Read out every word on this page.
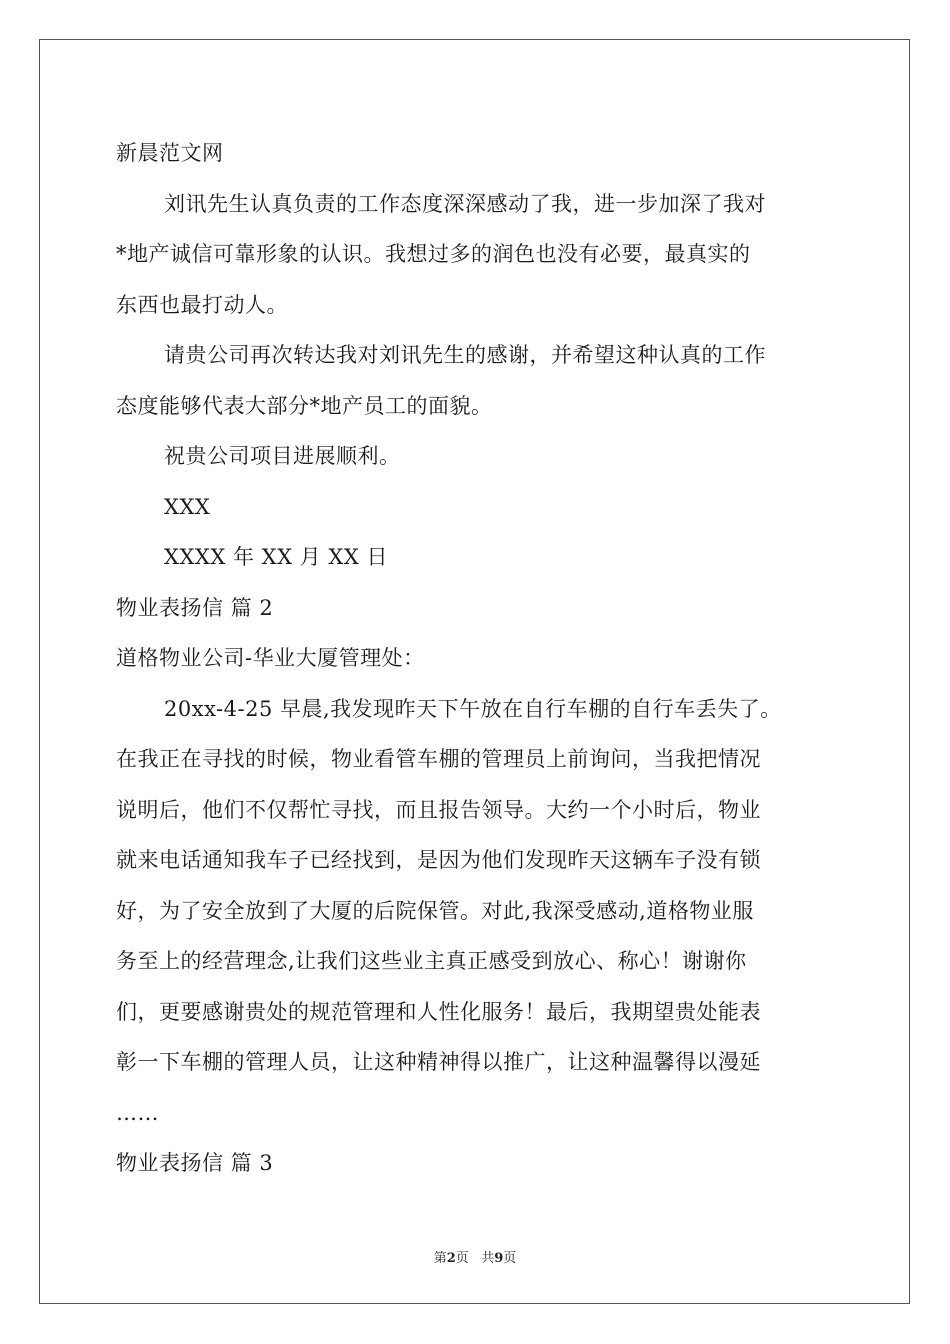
新晨范文网
刘讯先生认真负责的工作态度深深感动了我，进一步加深了我对
*地产诚信可靠形象的认识。我想过多的润色也没有必要，最真实的
东西也最打动人。
请贵公司再次转达我对刘讯先生的感谢，并希望这种认真的工作
态度能够代表大部分*地产员工的面貌。
祝贵公司项目进展顺利。
XXX
XXXX 年 XX 月 XX 日
物业表扬信 篇 2
道格物业公司-华业大厦管理处：
20xx-4-25 早晨,我发现昨天下午放在自行车棚的自行车丢失了。
在我正在寻找的时候，物业看管车棚的管理员上前询问，当我把情况
说明后，他们不仅帮忙寻找，而且报告领导。大约一个小时后，物业
就来电话通知我车子已经找到，是因为他们发现昨天这辆车子没有锁
好，为了安全放到了大厦的后院保管。对此,我深受感动,道格物业服
务至上的经营理念,让我们这些业主真正感受到放心、称心！谢谢你
们，更要感谢贵处的规范管理和人性化服务！最后，我期望贵处能表
彰一下车棚的管理人员，让这种精神得以推广，让这种温馨得以漫延
……
物业表扬信 篇 3
第2页 共9页
